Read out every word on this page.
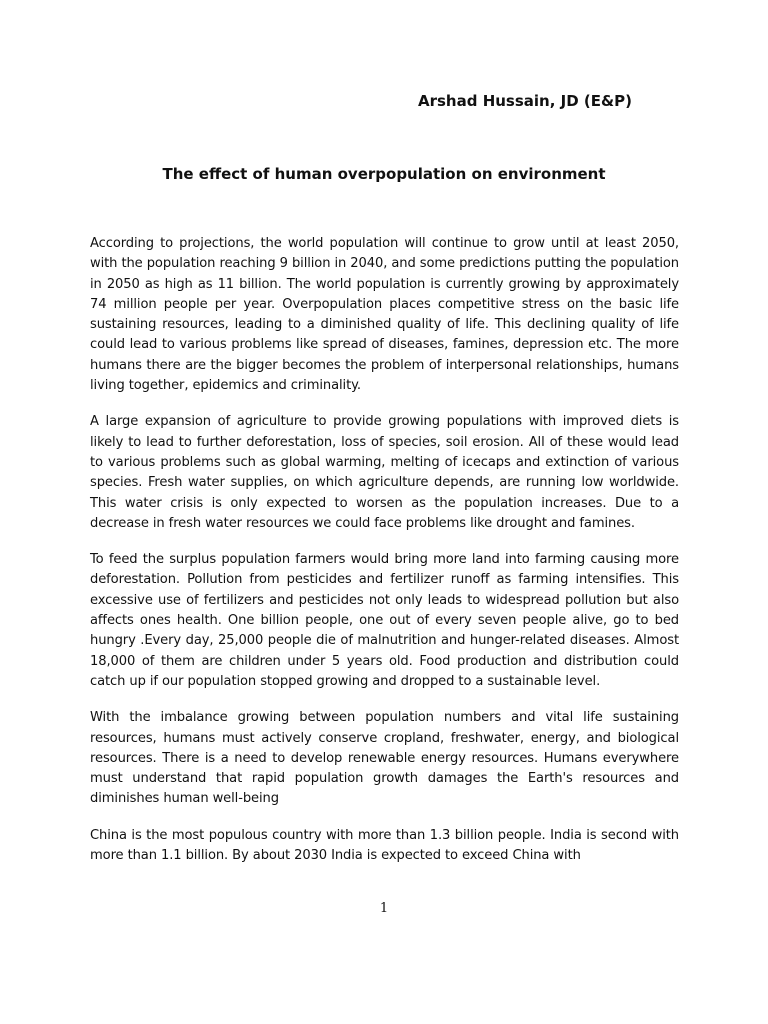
Arshad Hussain, JD (E&P)
The effect of human overpopulation on environment

According to projections, the world population will continue to grow until at least 2050, with the population reaching 9 billion in 2040, and some predictions putting the population in 2050 as high as 11 billion. The world population is currently growing by approximately 74 million people per year. Overpopulation places competitive stress on the basic life sustaining resources, leading to a diminished quality of life. This declining quality of life could lead to various problems like spread of diseases, famines, depression etc. The more humans there are the bigger becomes the problem of interpersonal relationships, humans living together, epidemics and criminality.

A large expansion of agriculture to provide growing populations with improved diets is likely to lead to further deforestation, loss of species, soil erosion. All of these would lead to various problems such as global warming, melting of icecaps and extinction of various species. Fresh water supplies, on which agriculture depends, are running low worldwide. This water crisis is only expected to worsen as the population increases. Due to a decrease in fresh water resources we could face problems like drought and famines.

To feed the surplus population farmers would bring more land into farming causing more deforestation. Pollution from pesticides and fertilizer runoff as farming intensifies. This excessive use of fertilizers and pesticides not only leads to widespread pollution but also affects ones health. One billion people, one out of every seven people alive, go to bed hungry .Every day, 25,000 people die of malnutrition and hunger-related diseases. Almost 18,000 of them are children under 5 years old. Food production and distribution could catch up if our population stopped growing and dropped to a sustainable level.

With the imbalance growing between population numbers and vital life sustaining resources, humans must actively conserve cropland, freshwater, energy, and biological resources. There is a need to develop renewable energy resources. Humans everywhere must understand that rapid population growth damages the Earth's resources and diminishes human well-being

China is the most populous country with more than 1.3 billion people. India is second with more than 1.1 billion. By about 2030 India is expected to exceed China with

1
